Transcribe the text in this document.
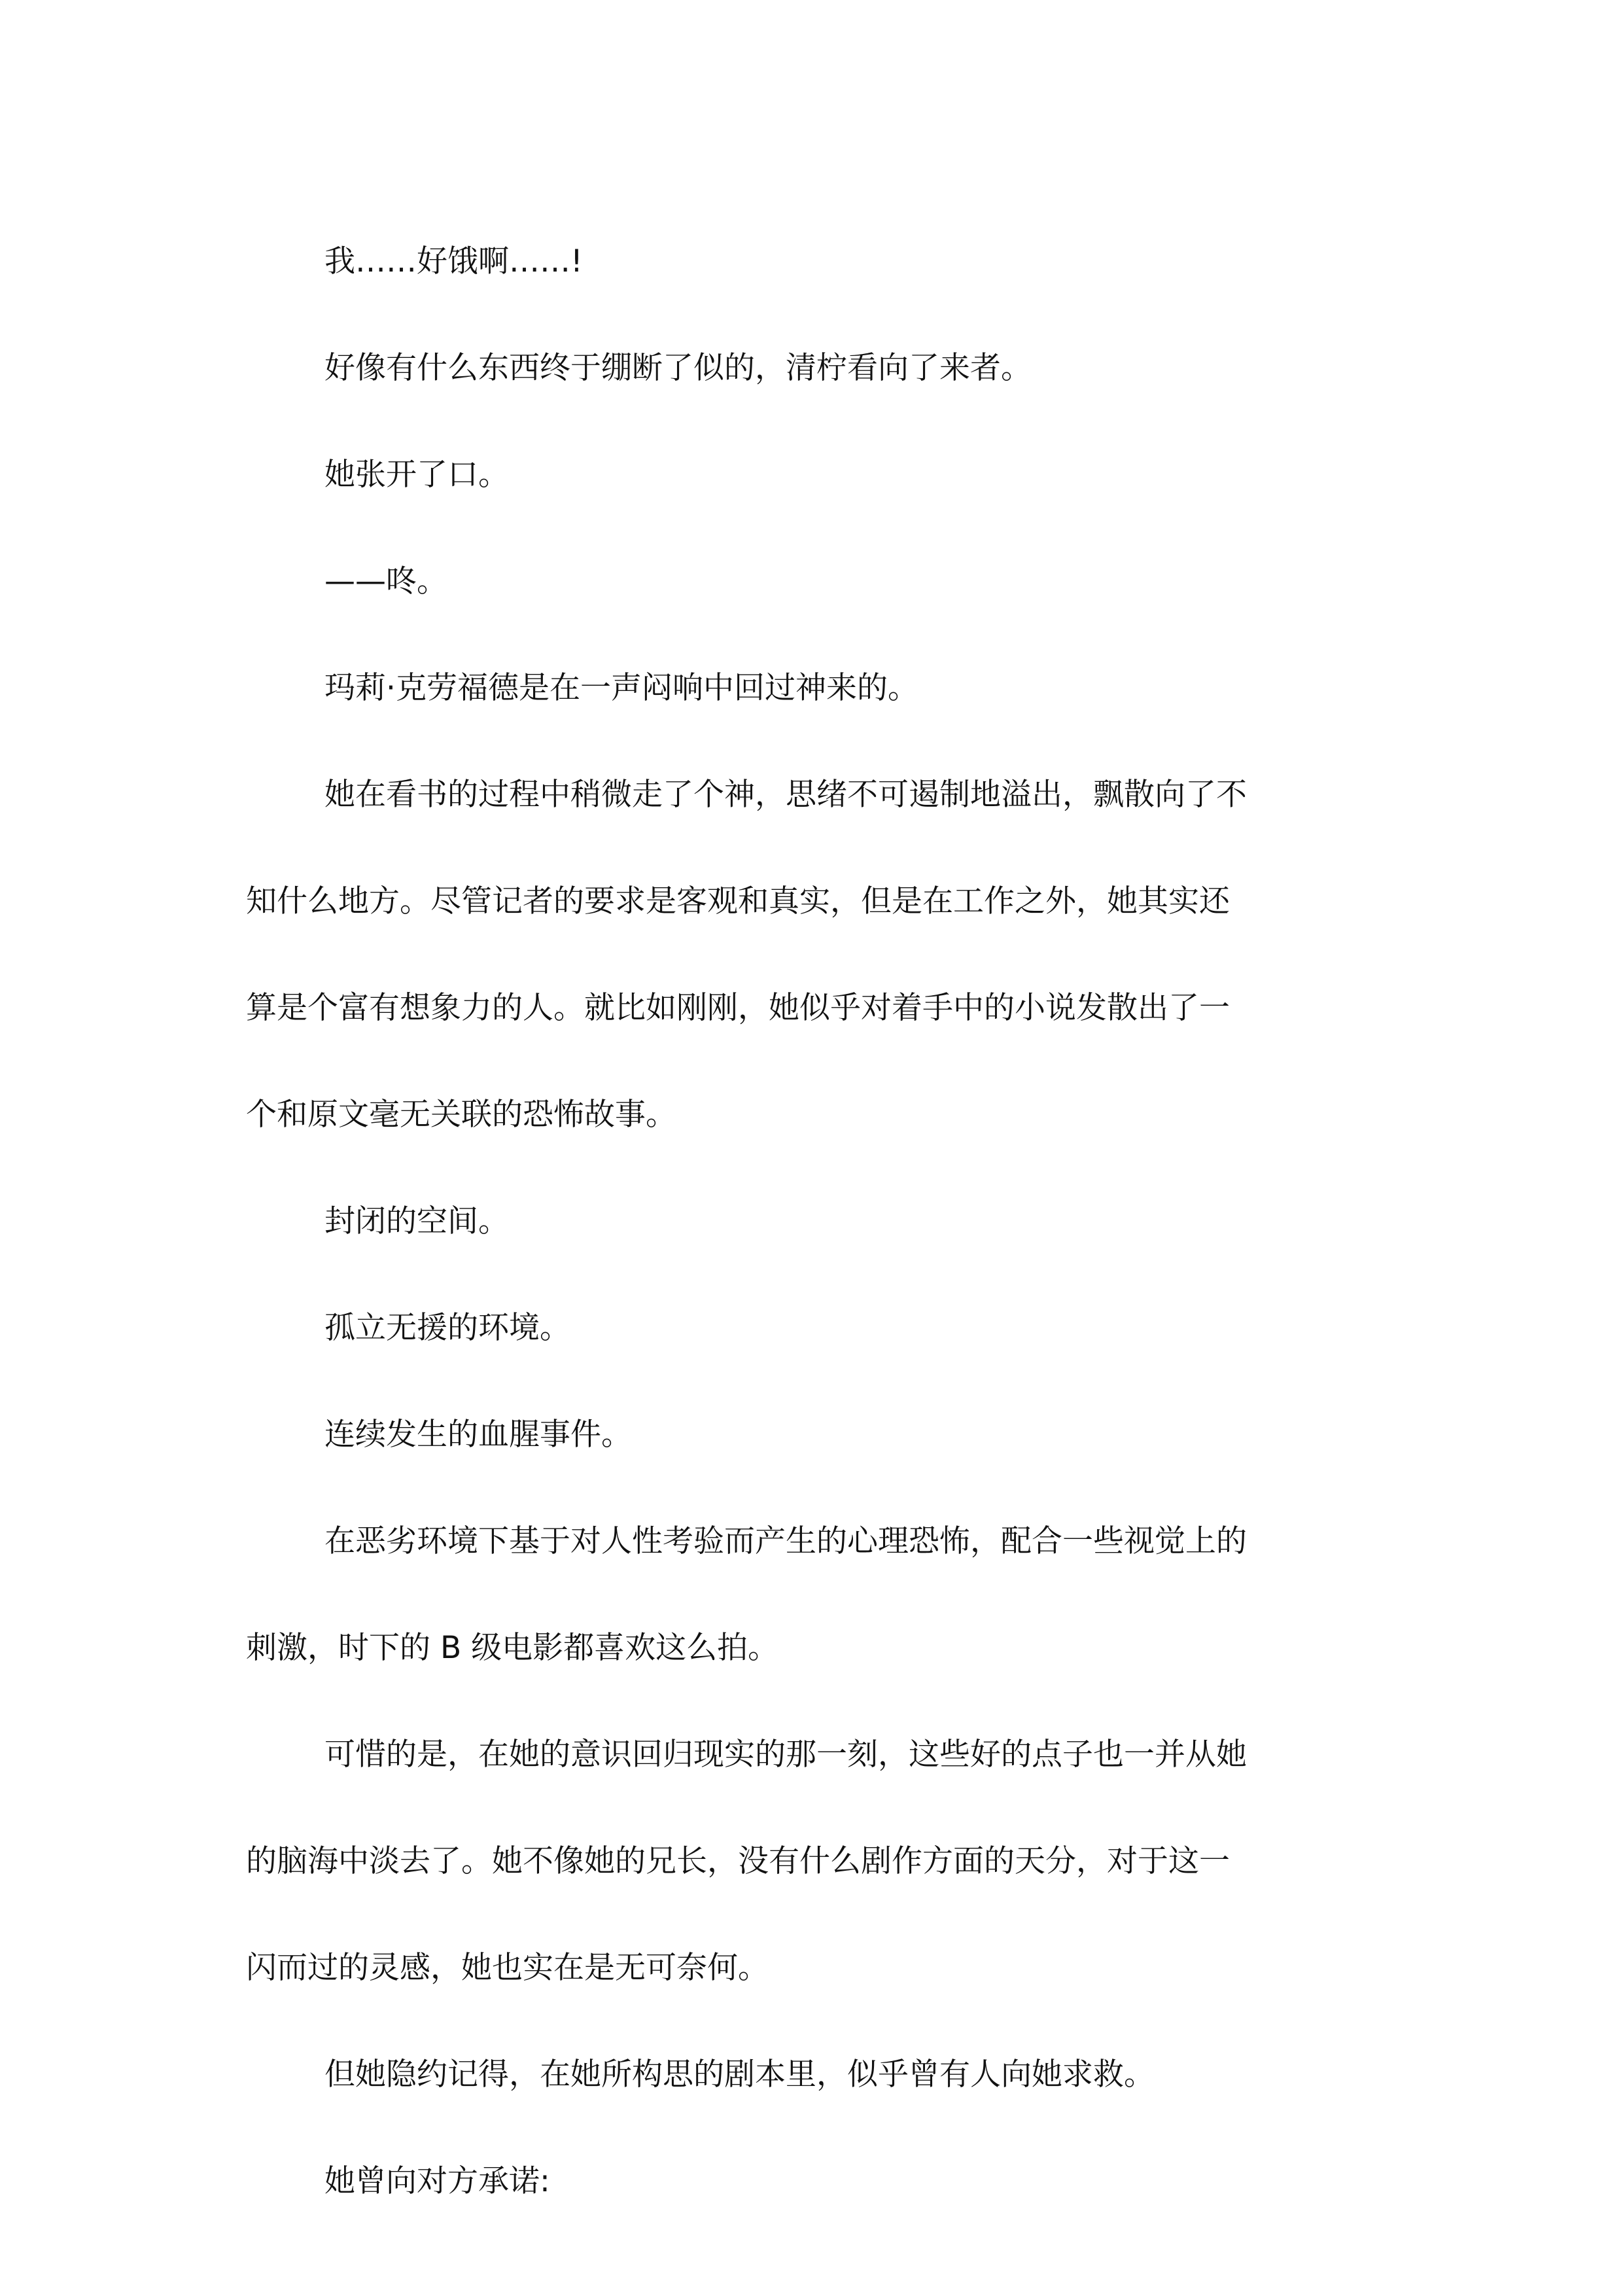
我……好饿啊……!

好像有什么东西终于绷断了似的，清柠看向了来者。

她张开了口。

——咚。

玛莉·克劳福德是在一声闷响中回过神来的。

她在看书的过程中稍微走了个神，思绪不可遏制地溢出，飘散向了不知什么地方。尽管记者的要求是客观和真实，但是在工作之外，她其实还算是个富有想象力的人。就比如刚刚，她似乎对着手中的小说发散出了一个和原文毫无关联的恐怖故事。

封闭的空间。

孤立无援的环境。

连续发生的血腥事件。

在恶劣环境下基于对人性考验而产生的心理恐怖，配合一些视觉上的刺激，时下的 B 级电影都喜欢这么拍。

可惜的是，在她的意识回归现实的那一刻，这些好的点子也一并从她的脑海中淡去了。她不像她的兄长，没有什么剧作方面的天分，对于这一闪而过的灵感，她也实在是无可奈何。

但她隐约记得，在她所构思的剧本里，似乎曾有人向她求救。

她曾向对方承诺:
